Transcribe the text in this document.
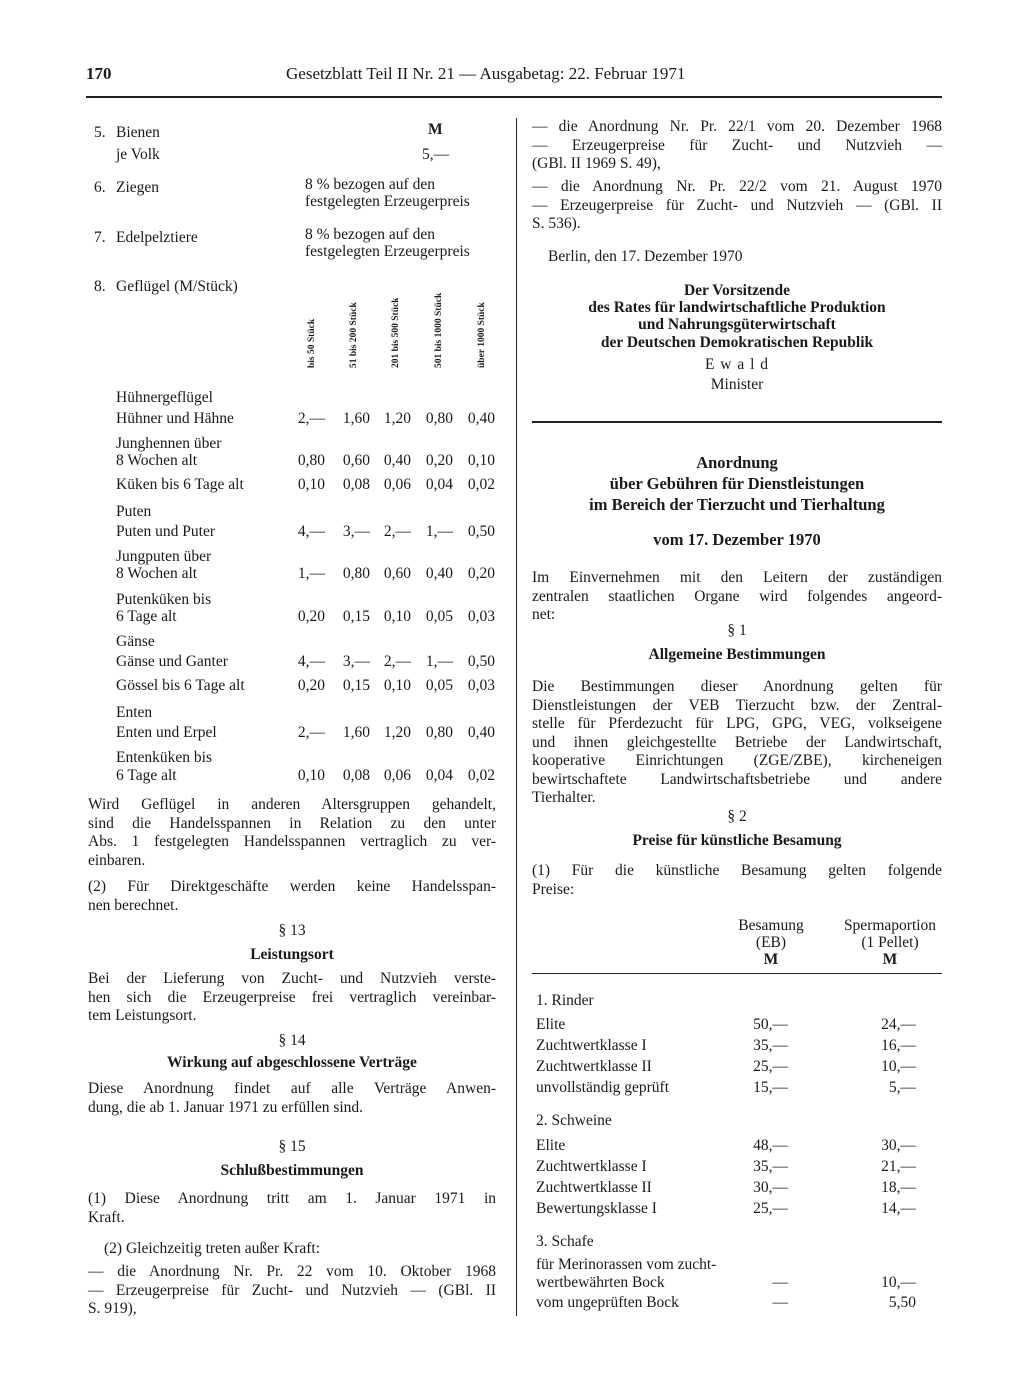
170	Gesetzblatt Teil II Nr. 21 — Ausgabetag: 22. Februar 1971
5. Bienen
je Volk
M
5,—
6. Ziegen	8 % bezogen auf den
festgelegten Erzeugerpreis
7. Edelpelztiere	8 % bezogen auf den
festgelegten Erzeugerpreis
8. Geflügel (M/Stück)
bis 50 Stück	51 bis 200 Stück	201 bis 500 Stück	501 bis 1000 Stück	über 1000 Stück
Hühnergeflügel
Hühner und Hähne	2,—	1,60 1,20 0,80 0,40
Junghennen über
8 Wochen alt	0,80	0,60 0,40 0,20 0,10
Küken bis 6 Tage alt	0,10	0,08 0,06 0,04 0,02
Puten
Puten und Puter	4,—	3,— 2,— 1,— 0,50
Jungputen über
8 Wochen alt	1,—	0,80 0,60 0,40 0,20
Putenküken bis
6 Tage alt	0,20	0,15 0,10 0,05 0,03
Gänse
Gänse und Ganter	4,—	3,— 2,— 1,— 0,50
Gössel bis 6 Tage alt	0,20	0,15 0,10 0,05 0,03
Enten
Enten und Erpel	2,—	1,60 1,20 0,80 0,40
Entenküken bis
6 Tage alt	0,10	0,08 0,06 0,04 0,02
Wird Geflügel in anderen Altersgruppen gehandelt,
sind die Handelsspannen in Relation zu den unter
Abs. 1 festgelegten Handelsspannen vertraglich zu ver-
einbaren.
(2) Für Direktgeschäfte werden keine Handelsspan-
nen berechnet.
§ 13
Leistungsort
Bei der Lieferung von Zucht- und Nutzvieh verste-
hen sich die Erzeugerpreise frei vertraglich vereinbar-
tem Leistungsort.
§ 14
Wirkung auf abgeschlossene Verträge
Diese Anordnung findet auf alle Verträge Anwen-
dung, die ab 1. Januar 1971 zu erfüllen sind.
§ 15
Schlußbestimmungen
(1) Diese Anordnung tritt am 1. Januar 1971 in
Kraft.
(2) Gleichzeitig treten außer Kraft:
— die Anordnung Nr. Pr. 22 vom 10. Oktober 1968
— Erzeugerpreise für Zucht- und Nutzvieh — (GBl. II
S. 919),
— die Anordnung Nr. Pr. 22/1 vom 20. Dezember 1968
— Erzeugerpreise für Zucht- und Nutzvieh —
(GBl. II 1969 S. 49),
— die Anordnung Nr. Pr. 22/2 vom 21. August 1970
— Erzeugerpreise für Zucht- und Nutzvieh — (GBl. II
S. 536).
Berlin, den 17. Dezember 1970
Der Vorsitzende
des Rates für landwirtschaftliche Produktion
und Nahrungsgüterwirtschaft
der Deutschen Demokratischen Republik
E w a l d
Minister
Anordnung
über Gebühren für Dienstleistungen
im Bereich der Tierzucht und Tierhaltung
vom 17. Dezember 1970
Im Einvernehmen mit den Leitern der zuständigen
zentralen staatlichen Organe wird folgendes angeord-
net:
§ 1
Allgemeine Bestimmungen
Die Bestimmungen dieser Anordnung gelten für
Dienstleistungen der VEB Tierzucht bzw. der Zentral-
stelle für Pferdezucht für LPG, GPG, VEG, volkseigene
und ihnen gleichgestellte Betriebe der Landwirtschaft,
kooperative Einrichtungen (ZGE/ZBE), kircheneigen
bewirtschaftete Landwirtschaftsbetriebe und andere
Tierhalter.
§ 2
Preise für künstliche Besamung
(1) Für die künstliche Besamung gelten folgende
Preise:
Besamung
(EB)
M
Spermaportion
(1 Pellet)
M
1. Rinder
Elite	50,—	24,—
Zuchtwertklasse I	35,—	16,—
Zuchtwertklasse II	25,—	10,—
unvollständig geprüft	15,—	5,—
2. Schweine
Elite	48,—	30,—
Zuchtwertklasse I	35,—	21,—
Zuchtwertklasse II	30,—	18,—
Bewertungsklasse I	25,—	14,—
3. Schafe
für Merinorassen vom zucht-
wertbewährten Bock	—	10,—
vom ungeprüften Bock	—	5,50
